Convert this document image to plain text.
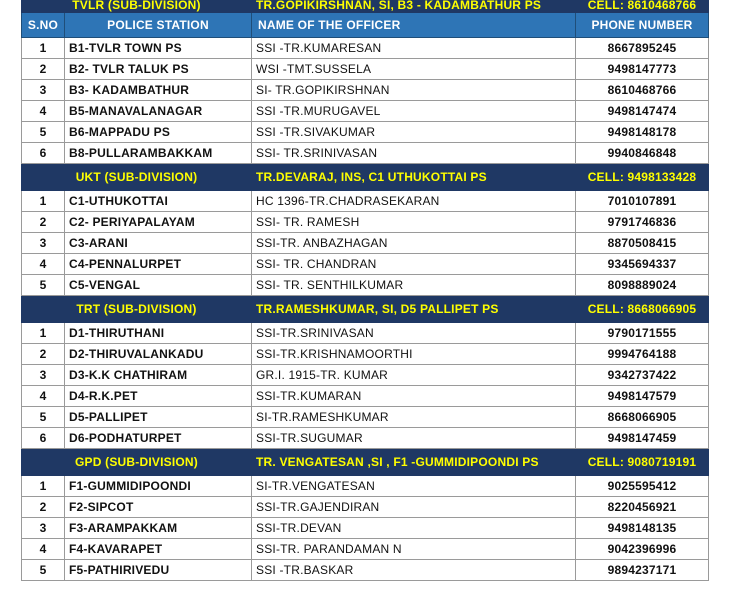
TVLR (SUB-DIVISION)		TR.GOPIKIRSHNAN, SI, B3 - KADAMBATHUR PS	CELL: 8610468766
S.NO	POLICE STATION	NAME OF THE OFFICER	PHONE NUMBER
1	B1-TVLR TOWN PS	SSI -TR.KUMARESAN	8667895245
2	B2- TVLR TALUK PS	WSI -TMT.SUSSELA	9498147773
3	B3- KADAMBATHUR	SI- TR.GOPIKIRSHNAN	8610468766
4	B5-MANAVALANAGAR	SSI -TR.MURUGAVEL	9498147474
5	B6-MAPPADU PS	SSI -TR.SIVAKUMAR	9498148178
6	B8-PULLARAMBAKKAM	SSI- TR.SRINIVASAN	9940846848
UKT (SUB-DIVISION)		TR.DEVARAJ, INS, C1 UTHUKOTTAI PS	CELL: 9498133428
1	C1-UTHUKOTTAI	HC 1396-TR.CHADRASEKARAN	7010107891
2	C2- PERIYAPALAYAM	SSI- TR. RAMESH	9791746836
3	C3-ARANI	SSI-TR. ANBAZHAGAN	8870508415
4	C4-PENNALURPET	SSI- TR. CHANDRAN	9345694337
5	C5-VENGAL	SSI- TR. SENTHILKUMAR	8098889024
TRT (SUB-DIVISION)		TR.RAMESHKUMAR, SI, D5 PALLIPET PS	CELL: 8668066905
1	D1-THIRUTHANI	SSI-TR.SRINIVASAN	9790171555
2	D2-THIRUVALANKADU	SSI-TR.KRISHNAMOORTHI	9994764188
3	D3-K.K CHATHIRAM	GR.I. 1915-TR. KUMAR	9342737422
4	D4-R.K.PET	SSI-TR.KUMARAN	9498147579
5	D5-PALLIPET	SI-TR.RAMESHKUMAR	8668066905
6	D6-PODHATURPET	SSI-TR.SUGUMAR	9498147459
GPD (SUB-DIVISION)		TR. VENGATESAN ,SI , F1 -GUMMIDIPOONDI PS	CELL: 9080719191
1	F1-GUMMIDIPOONDI	SI-TR.VENGATESAN	9025595412
2	F2-SIPCOT	SSI-TR.GAJENDIRAN	8220456921
3	F3-ARAMPAKKAM	SSI-TR.DEVAN	9498148135
4	F4-KAVARAPET	SSI-TR. PARANDAMAN N	9042396996
5	F5-PATHIRIVEDU	SSI -TR.BASKAR	9894237171
